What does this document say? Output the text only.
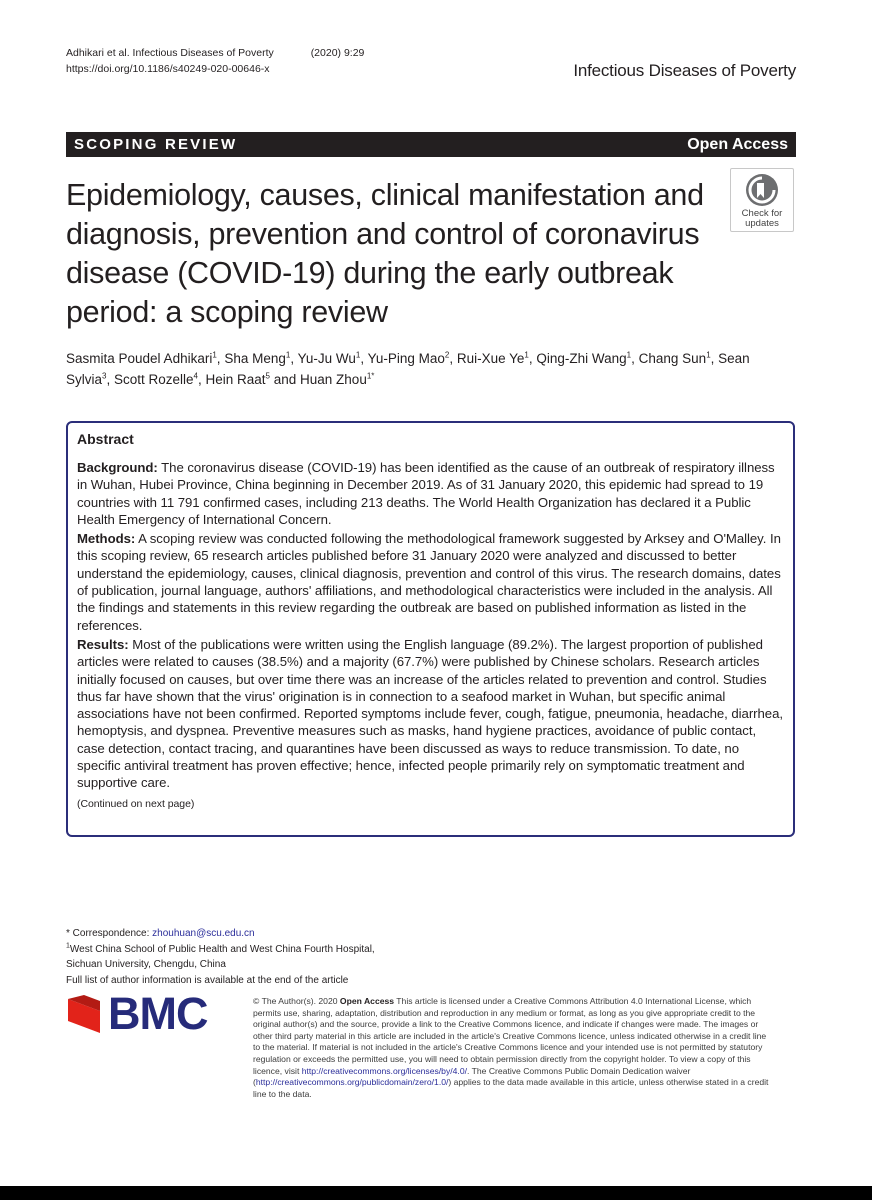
Adhikari et al. Infectious Diseases of Poverty	(2020) 9:29
https://doi.org/10.1186/s40249-020-00646-x	Infectious Diseases of Poverty
SCOPING REVIEW	Open Access
Epidemiology, causes, clinical manifestation and diagnosis, prevention and control of coronavirus disease (COVID-19) during the early outbreak period: a scoping review
Check for
updates
Sasmita Poudel Adhikari$^1$, Sha Meng$^1$, Yu-Ju Wu$^1$, Yu-Ping Mao$^2$, Rui-Xue Ye$^1$, Qing-Zhi Wang$^1$, Chang Sun$^1$, Sean Sylvia$^3$, Scott Rozelle$^4$, Hein Raat$^5$ and Huan Zhou$^{1*}$
Abstract

Background: The coronavirus disease (COVID-19) has been identified as the cause of an outbreak of respiratory illness in Wuhan, Hubei Province, China beginning in December 2019. As of 31 January 2020, this epidemic had spread to 19 countries with 11 791 confirmed cases, including 213 deaths. The World Health Organization has declared it a Public Health Emergency of International Concern.

Methods: A scoping review was conducted following the methodological framework suggested by Arksey and O'Malley. In this scoping review, 65 research articles published before 31 January 2020 were analyzed and discussed to better understand the epidemiology, causes, clinical diagnosis, prevention and control of this virus. The research domains, dates of publication, journal language, authors' affiliations, and methodological characteristics were included in the analysis. All the findings and statements in this review regarding the outbreak are based on published information as listed in the references.

Results: Most of the publications were written using the English language (89.2%). The largest proportion of published articles were related to causes (38.5%) and a majority (67.7%) were published by Chinese scholars. Research articles initially focused on causes, but over time there was an increase of the articles related to prevention and control. Studies thus far have shown that the virus' origination is in connection to a seafood market in Wuhan, but specific animal associations have not been confirmed. Reported symptoms include fever, cough, fatigue, pneumonia, headache, diarrhea, hemoptysis, and dyspnea. Preventive measures such as masks, hand hygiene practices, avoidance of public contact, case detection, contact tracing, and quarantines have been discussed as ways to reduce transmission. To date, no specific antiviral treatment has proven effective; hence, infected people primarily rely on symptomatic treatment and supportive care.

(Continued on next page)

* Correspondence: zhouhuan@scu.edu.cn
$^1$West China School of Public Health and West China Fourth Hospital,
Sichuan University, Chengdu, China
Full list of author information is available at the end of the article
BMC	© The Author(s). 2020 Open Access This article is licensed under a Creative Commons Attribution 4.0 International License, which permits use, sharing, adaptation, distribution and reproduction in any medium or format, as long as you give appropriate credit to the original author(s) and the source, provide a link to the Creative Commons licence, and indicate if changes were made. The images or other third party material in this article are included in the article's Creative Commons licence, unless indicated otherwise in a credit line to the material. If material is not included in the article's Creative Commons licence and your intended use is not permitted by statutory regulation or exceeds the permitted use, you will need to obtain permission directly from the copyright holder. To view a copy of this licence, visit http://creativecommons.org/licenses/by/4.0/. The Creative Commons Public Domain Dedication waiver (http://creativecommons.org/publicdomain/zero/1.0/) applies to the data made available in this article, unless otherwise stated in a credit line to the data.
